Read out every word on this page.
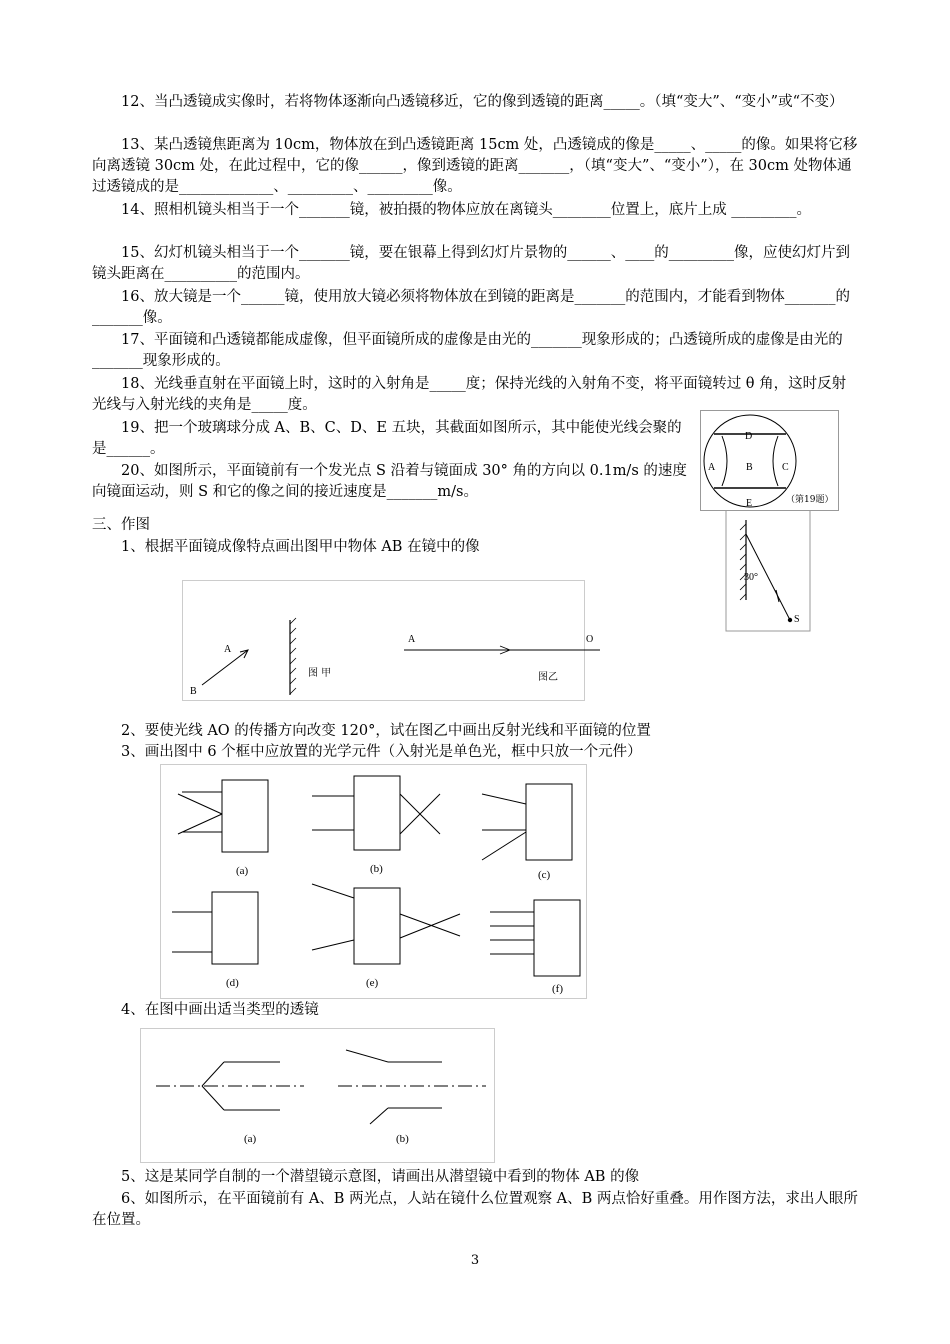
12、当凸透镜成实像时，若将物体逐渐向凸透镜移近，它的像到透镜的距离_____。（填“变大”、“变小”或“不变）

13、某凸透镜焦距离为 10cm，物体放在到凸透镜距离 15cm 处，凸透镜成的像是_____、_____的像。如果将它移向离透镜 30cm 处，在此过程中，它的像______，像到透镜的距离_______，（填“变大”、“变小”），在 30cm 处物体通过透镜成的是_____________、_________、_________像。

14、照相机镜头相当于一个_______镜，被拍摄的物体应放在离镜头________位置上，底片上成 _________。

15、幻灯机镜头相当于一个_______镜，要在银幕上得到幻灯片景物的______、____的_________像，应使幻灯片到镜头距离在__________的范围内。

16、放大镜是一个______镜，使用放大镜必须将物体放在到镜的距离是_______的范围内，才能看到物体_______的_______像。

17、平面镜和凸透镜都能成虚像，但平面镜所成的虚像是由光的_______现象形成的；凸透镜所成的虚像是由光的_______现象形成的。

18、光线垂直射在平面镜上时，这时的入射角是_____度；保持光线的入射角不变，将平面镜转过 θ 角，这时反射光线与入射光线的夹角是_____度。

19、把一个玻璃球分成 A、B、C、D、E 五块，其截面如图所示，其中能使光线会聚的是______。

20、如图所示，平面镜前有一个发光点 S 沿着与镜面成 30° 角的方向以 0.1m/s 的速度向镜面运动，则 S 和它的像之间的接近速度是_______m/s。

三、作图

1、根据平面镜成像特点画出图甲中物体 AB 在镜中的像

2、要使光线 AO 的传播方向改变 120°，试在图乙中画出反射光线和平面镜的位置

3、画出图中 6 个框中应放置的光学元件（入射光是单色光，框中只放一个元件）

4、在图中画出适当类型的透镜

5、这是某同学自制的一个潜望镜示意图，请画出从潜望镜中看到的物体 AB 的像

6、如图所示，在平面镜前有 A、B 两光点，人站在镜什么位置观察 A、B 两点恰好重叠。用作图方法，求出人眼所在位置。

D
A	B	C
E	（第19题）
30°
S
A
B
图 甲
A	O
图乙
(a)	(b)	(c)
(d)	(e)	(f)
(a)	(b)
3
